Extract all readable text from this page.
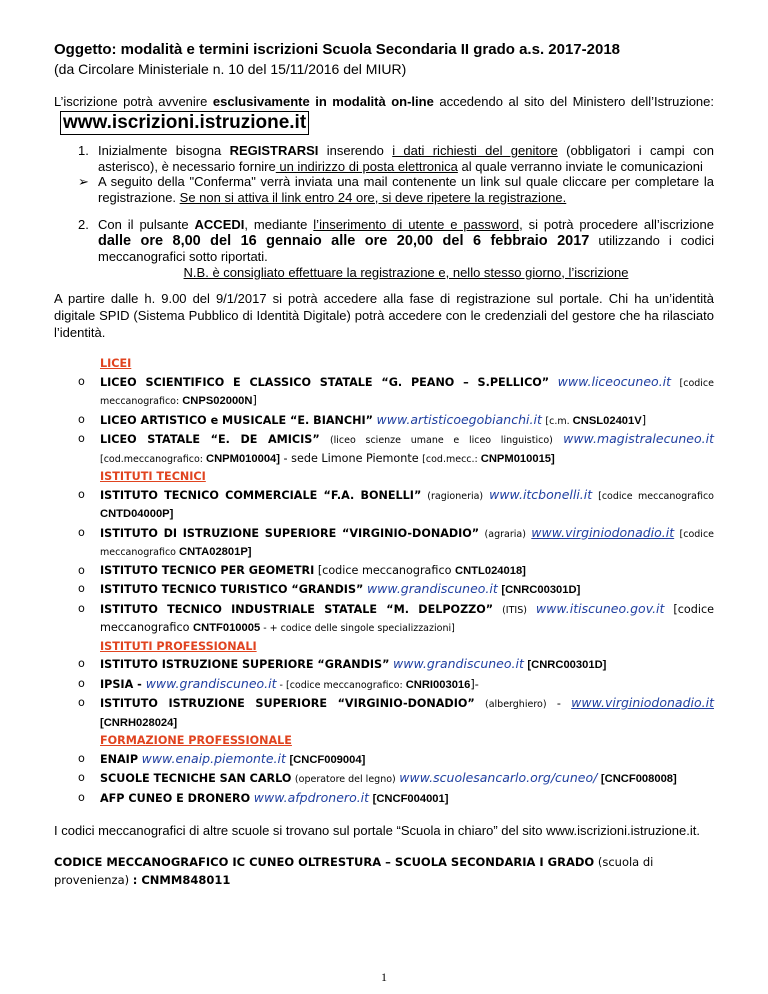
Oggetto: modalità e termini iscrizioni Scuola Secondaria II grado a.s. 2017-2018
(da Circolare Ministeriale n. 10 del 15/11/2016 del MIUR)

L’iscrizione potrà avvenire esclusivamente in modalità on-line accedendo al sito del Ministero dell’Istruzione:www.iscrizioni.istruzione.it

1. Inizialmente bisogna REGISTRARSI inserendo i dati richiesti del genitore (obbligatori i campi con asterisco), è necessario fornire un indirizzo di posta elettronica al quale verranno inviate le comunicazioni
➢ A seguito della "Conferma" verrà inviata una mail contenente un link sul quale cliccare per completare la registrazione. Se non si attiva il link entro 24 ore, si deve ripetere la registrazione.
2. Con il pulsante ACCEDI, mediante l’inserimento di utente e password, si potrà procedere all’iscrizione dalle ore 8,00 del 16 gennaio alle ore 20,00 del 6 febbraio 2017 utilizzando i codici meccanografici sotto riportati.
N.B. è consigliato effettuare la registrazione e, nello stesso giorno, l’iscrizione

A partire dalle h. 9.00 del 9/1/2017 si potrà accedere alla fase di registrazione sul portale. Chi ha un’identità digitale SPID (Sistema Pubblico di Identità Digitale) potrà accedere con le credenziali del gestore che ha rilasciato l’identità.

LICEI
o LICEO SCIENTIFICO E CLASSICO STATALE “G. PEANO – S.PELLICO” www.liceocuneo.it [codice meccanografico: CNPS02000N]
o LICEO ARTISTICO e MUSICALE “E. BIANCHI” www.artisticoegobianchi.it [c.m. CNSL02401V]
o LICEO STATALE “E. DE AMICIS” (liceo scienze umane e liceo linguistico) www.magistralecuneo.it [cod.meccanografico: CNPM010004] - sede Limone Piemonte [cod.mecc.: CNPM010015]
ISTITUTI TECNICI
o ISTITUTO TECNICO COMMERCIALE “F.A. BONELLI” (ragioneria) www.itcbonelli.it [codice meccanografico CNTD04000P]
o ISTITUTO DI ISTRUZIONE SUPERIORE “VIRGINIO-DONADIO” (agraria) www.virginiodonadio.it [codice meccanografico CNTA02801P]
o ISTITUTO TECNICO PER GEOMETRI [codice meccanografico CNTL024018]
o ISTITUTO TECNICO TURISTICO “GRANDIS” www.grandiscuneo.it [CNRC00301D]
o ISTITUTO TECNICO INDUSTRIALE STATALE “M. DELPOZZO” (ITIS) www.itiscuneo.gov.it [codice meccanografico CNTF010005 - + codice delle singole specializzazioni]
ISTITUTI PROFESSIONALI
o ISTITUTO ISTRUZIONE SUPERIORE “GRANDIS” www.grandiscuneo.it [CNRC00301D]
o IPSIA - www.grandiscuneo.it - [codice meccanografico: CNRI003016]-
o ISTITUTO ISTRUZIONE SUPERIORE “VIRGINIO-DONADIO” (alberghiero) - www.virginiodonadio.it [CNRH028024]
FORMAZIONE PROFESSIONALE
o ENAIP www.enaip.piemonte.it [CNCF009004]
o SCUOLE TECNICHE SAN CARLO (operatore del legno) www.scuolesancarlo.org/cuneo/ [CNCF008008]
o AFP CUNEO E DRONERO www.afpdronero.it [CNCF004001]

I codici meccanografici di altre scuole si trovano sul portale “Scuola in chiaro” del sito www.iscrizioni.istruzione.it.

CODICE MECCANOGRAFICO IC CUNEO OLTRESTURA – SCUOLA SECONDARIA I GRADO (scuola di provenienza) : CNMM848011

1
